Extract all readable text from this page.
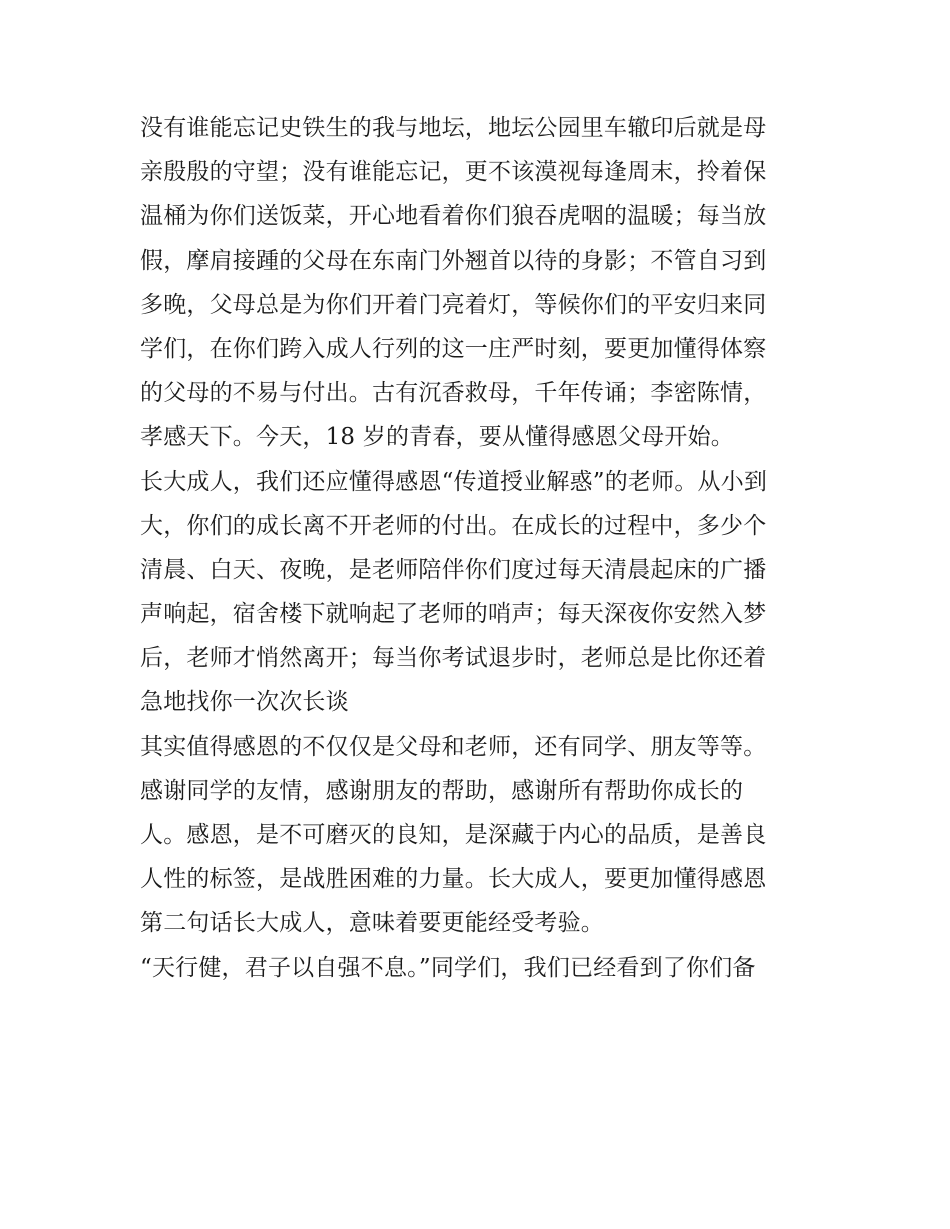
没有谁能忘记史铁生的我与地坛，地坛公园里车辙印后就是母
亲殷殷的守望；没有谁能忘记，更不该漠视每逢周末，拎着保
温桶为你们送饭菜，开心地看着你们狼吞虎咽的温暖；每当放
假，摩肩接踵的父母在东南门外翘首以待的身影；不管自习到
多晚，父母总是为你们开着门亮着灯，等候你们的平安归来同
学们，在你们跨入成人行列的这一庄严时刻，要更加懂得体察
的父母的不易与付出。古有沉香救母，千年传诵；李密陈情，
孝感天下。今天，18 岁的青春，要从懂得感恩父母开始。
长大成人，我们还应懂得感恩“传道授业解惑”的老师。从小到
大，你们的成长离不开老师的付出。在成长的过程中，多少个
清晨、白天、夜晚，是老师陪伴你们度过每天清晨起床的广播
声响起，宿舍楼下就响起了老师的哨声；每天深夜你安然入梦
后，老师才悄然离开；每当你考试退步时，老师总是比你还着
急地找你一次次长谈
其实值得感恩的不仅仅是父母和老师，还有同学、朋友等等。
感谢同学的友情，感谢朋友的帮助，感谢所有帮助你成长的
人。感恩，是不可磨灭的良知，是深藏于内心的品质，是善良
人性的标签，是战胜困难的力量。长大成人，要更加懂得感恩
第二句话长大成人，意味着要更能经受考验。
“天行健，君子以自强不息。”同学们，我们已经看到了你们备
